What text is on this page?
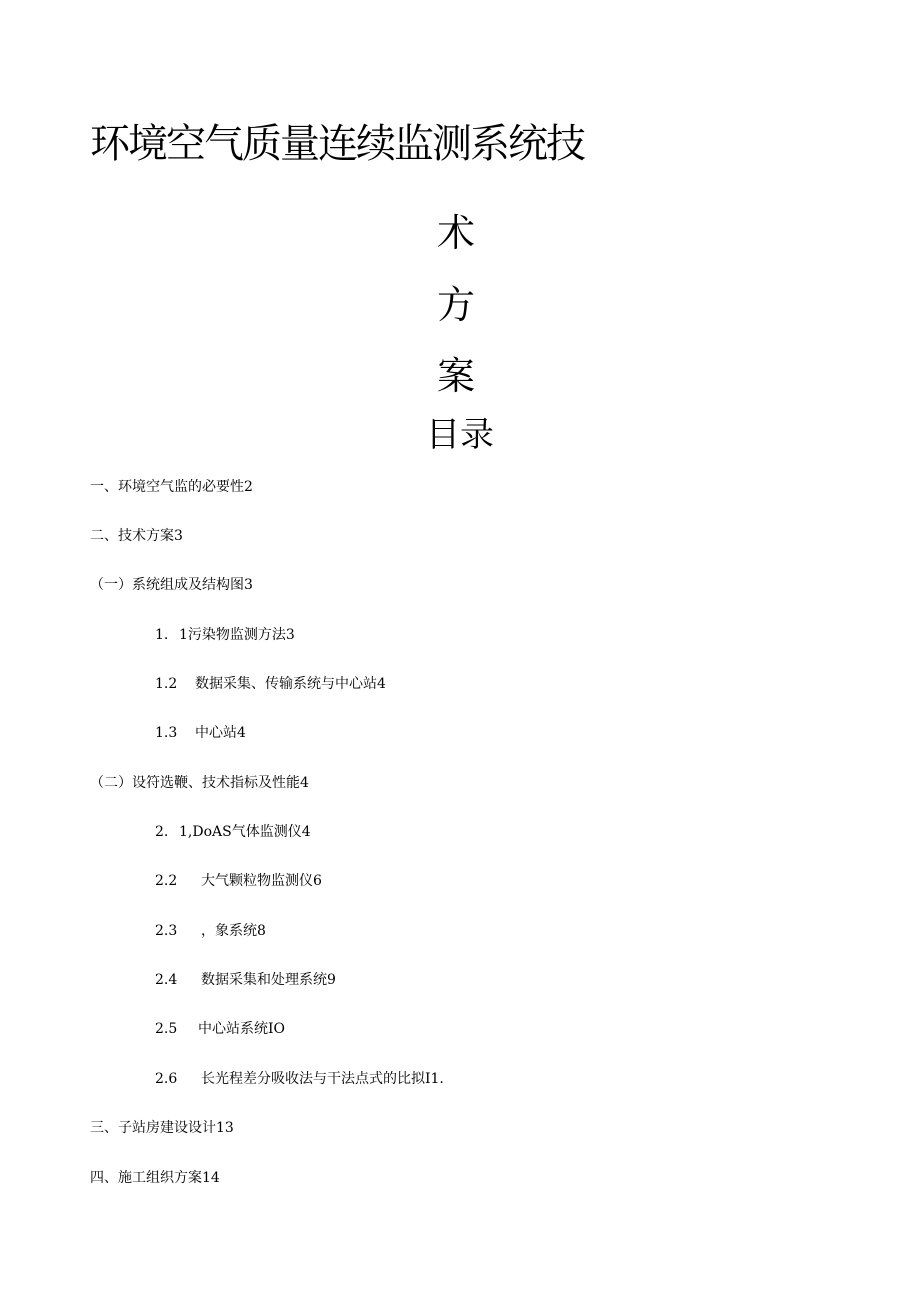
环境空气质量连续监测系统技
术
方
案
目录
一、环境空气监的必要性2
二、技术方案3
（一）系统组成及结构图3
1. 1污染物监测方法3
1.2 数据采集、传输系统与中心站4
1.3 中心站4
（二）设符选鞭、技术指标及性能4
2. 1,DoAS气体监测仪4
2.2 大气颗粒物监测仪6
2.3 ，象系统8
2.4 数据采集和处理系统9
2.5 中心站系统IO
2.6 长光程差分吸收法与干法点式的比拟I1.
三、子站房建设设计13
四、施工组织方案14
